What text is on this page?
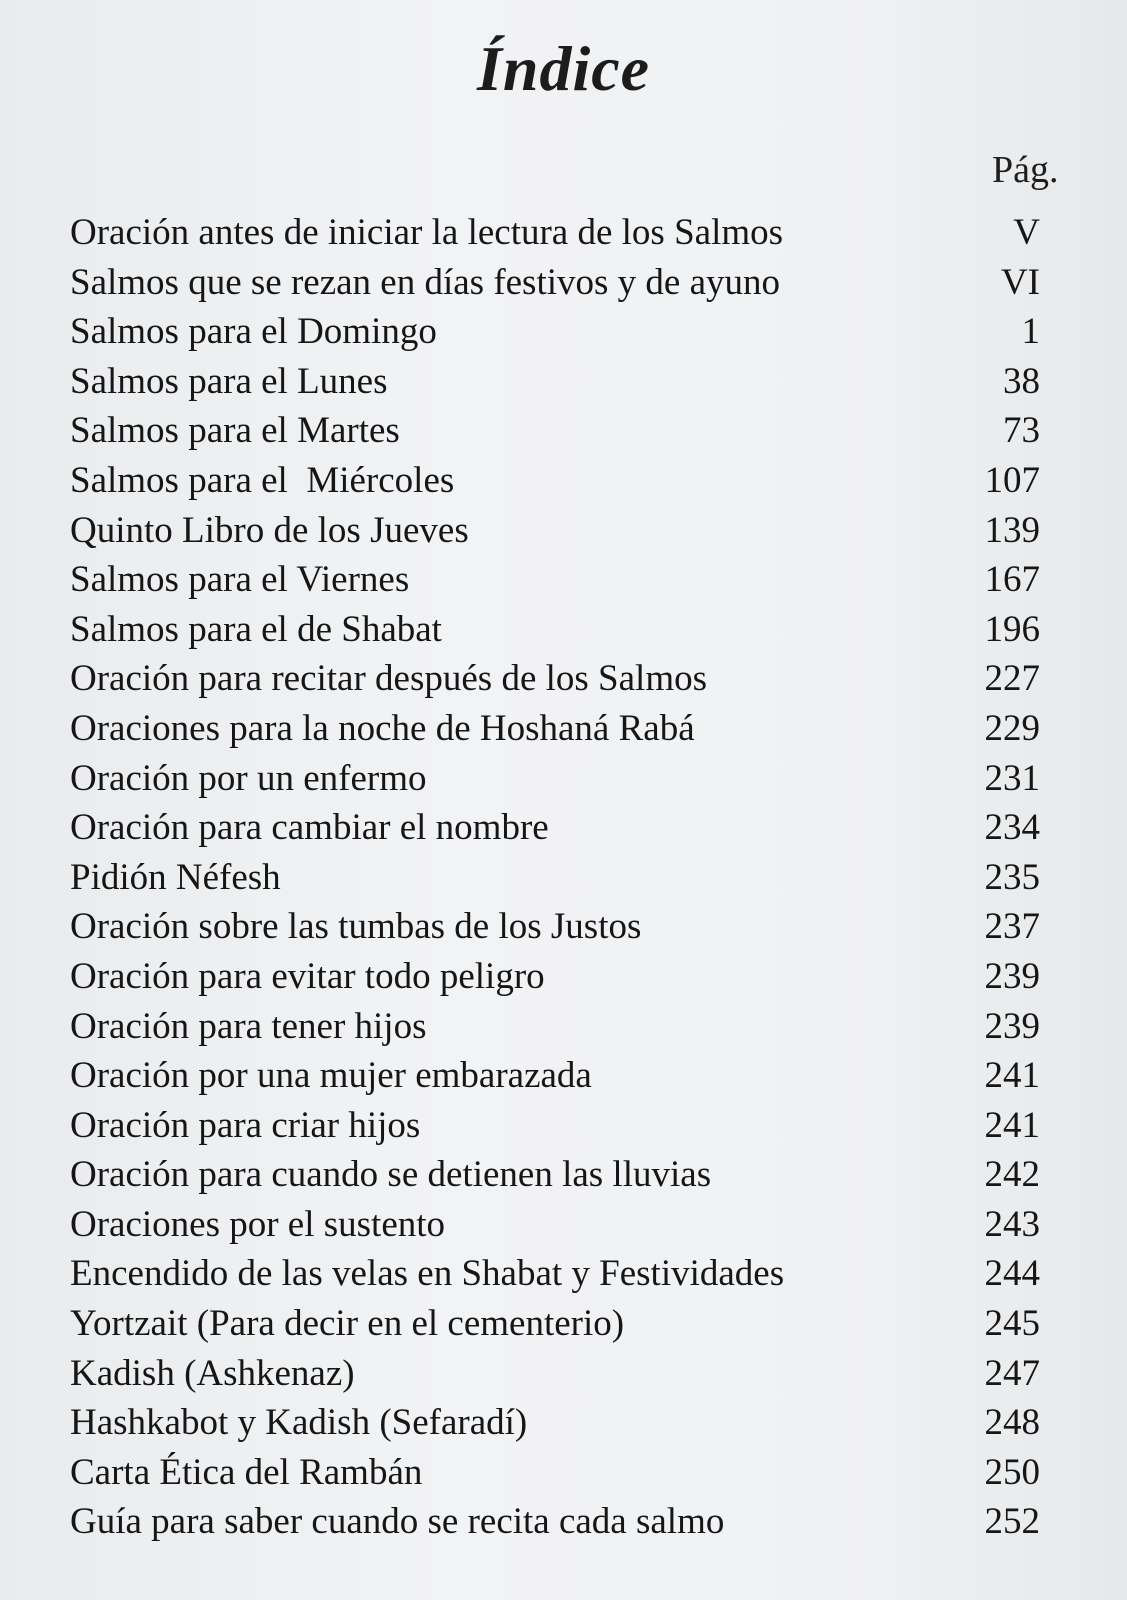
Índice
Pág.
Oración antes de iniciar la lectura de los Salmos	V
Salmos que se rezan en días festivos y de ayuno	VI
Salmos para el Domingo	1
Salmos para el Lunes	38
Salmos para el Martes	73
Salmos para el  Miércoles	107
Quinto Libro de los Jueves	139
Salmos para el Viernes	167
Salmos para el de Shabat	196
Oración para recitar después de los Salmos	227
Oraciones para la noche de Hoshaná Rabá	229
Oración por un enfermo	231
Oración para cambiar el nombre	234
Pidión Néfesh	235
Oración sobre las tumbas de los Justos	237
Oración para evitar todo peligro	239
Oración para tener hijos	239
Oración por una mujer embarazada	241
Oración para criar hijos	241
Oración para cuando se detienen las lluvias	242
Oraciones por el sustento	243
Encendido de las velas en Shabat y Festividades	244
Yortzait (Para decir en el cementerio)	245
Kadish (Ashkenaz)	247
Hashkabot y Kadish (Sefaradí)	248
Carta Ética del Rambán	250
Guía para saber cuando se recita cada salmo	252
